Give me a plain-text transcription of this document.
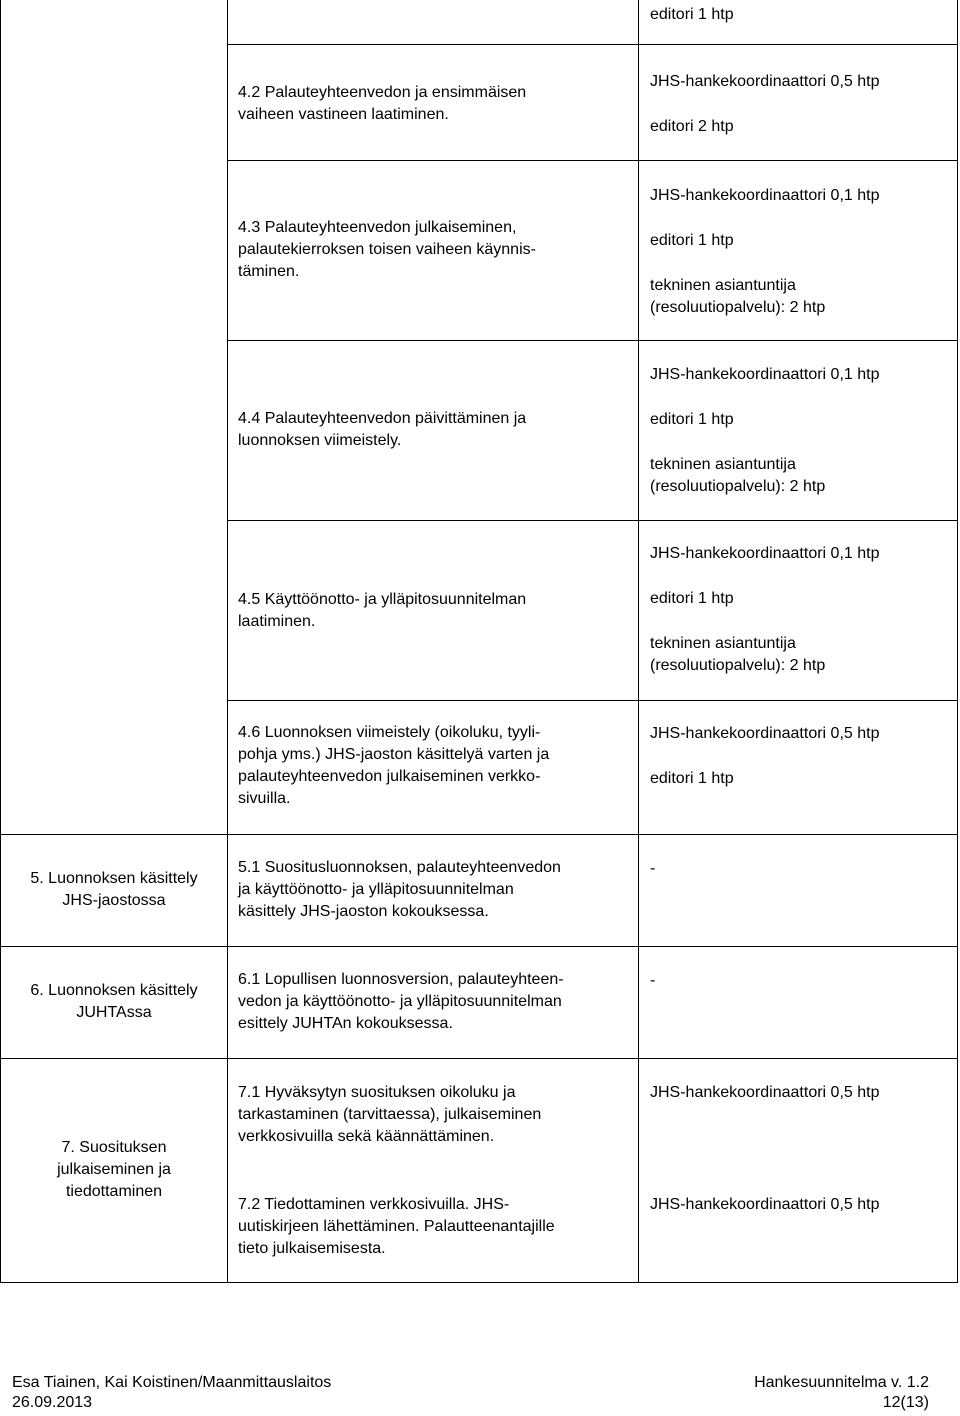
editori 1 htp
4.2 Palauteyhteenvedon ja ensimmäisen
vaiheen vastineen laatiminen.
JHS-hankekoordinaattori 0,5 htp
editori 2 htp
4.3 Palauteyhteenvedon julkaiseminen,
palautekierroksen toisen vaiheen käynnis-
täminen.
JHS-hankekoordinaattori 0,1 htp
editori 1 htp
tekninen asiantuntija
(resoluutiopalvelu): 2 htp
4.4 Palauteyhteenvedon päivittäminen ja
luonnoksen viimeistely.
JHS-hankekoordinaattori 0,1 htp
editori 1 htp
tekninen asiantuntija
(resoluutiopalvelu): 2 htp
4.5 Käyttöönotto- ja ylläpitosuunnitelman
laatiminen.
JHS-hankekoordinaattori 0,1 htp
editori 1 htp
tekninen asiantuntija
(resoluutiopalvelu): 2 htp
4.6 Luonnoksen viimeistely (oikoluku, tyyli-
pohja yms.) JHS-jaoston käsittelyä varten ja
palauteyhteenvedon julkaiseminen verkko-
sivuilla.
JHS-hankekoordinaattori 0,5 htp
editori 1 htp
5. Luonnoksen käsittely
JHS-jaostossa
5.1 Suositusluonnoksen, palauteyhteenvedon
ja käyttöönotto- ja ylläpitosuunnitelman
käsittely JHS-jaoston kokouksessa.
-
6. Luonnoksen käsittely
JUHTAssa
6.1 Lopullisen luonnosversion, palauteyhteen-
vedon ja käyttöönotto- ja ylläpitosuunnitelman
esittely JUHTAn kokouksessa.
-
7. Suosituksen
julkaiseminen ja
tiedottaminen
7.1 Hyväksytyn suosituksen oikoluku ja
tarkastaminen (tarvittaessa), julkaiseminen
verkkosivuilla sekä käännättäminen.
JHS-hankekoordinaattori 0,5 htp
7.2 Tiedottaminen verkkosivuilla. JHS-
uutiskirjeen lähettäminen. Palautteenantajille
tieto julkaisemisesta.
JHS-hankekoordinaattori 0,5 htp
Esa Tiainen, Kai Koistinen/Maanmittauslaitos
26.09.2013
Hankesuunnitelma v. 1.2
12(13)
